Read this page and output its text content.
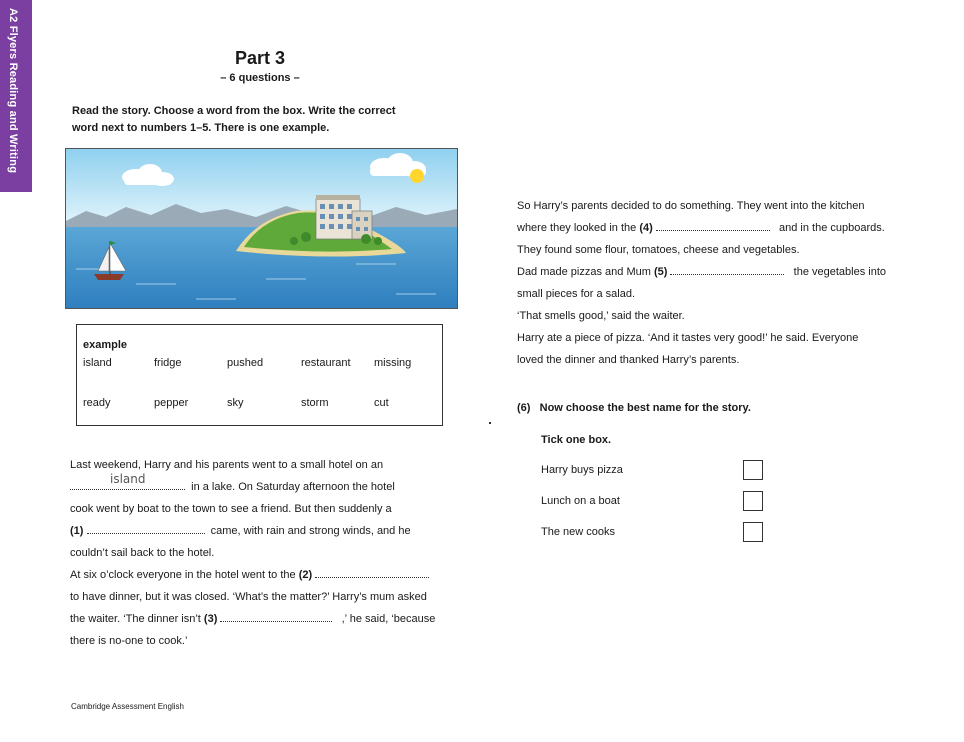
A2 Flyers Reading and Writing	Part 3
– 6 questions –
Read the story. Choose a word from the box. Write the correct
word next to numbers 1–5. There is one example.
example
island	fridge	pushed	restaurant missing
ready	pepper	sky	storm	cut
Last weekend, Harry and his parents went to a small hotel on an
island
in a lake. On Saturday afternoon the hotel
cook went by boat to the town to see a friend. But then suddenly a
(1)	came, with rain and strong winds, and he
couldn’t sail back to the hotel.
At six o’clock everyone in the hotel went to the (2)
to have dinner, but it was closed. ‘What’s the matter?’ Harry’s mum asked
the waiter. ‘The dinner isn’t (3)	,’ he said, ‘because
there is no-one to cook.’
So Harry’s parents decided to do something. They went into the kitchen
where they looked in the (4)	and in the cupboards.
They found some flour, tomatoes, cheese and vegetables.
Dad made pizzas and Mum (5)	the vegetables into
small pieces for a salad.
‘That smells good,’ said the waiter.
Harry ate a piece of pizza. ‘And it tastes very good!’ he said. Everyone
loved the dinner and thanked Harry’s parents.
(6) Now choose the best name for the story.
Tick one box.
Harry buys pizza
Lunch on a boat
The new cooks
Cambridge Assessment English
